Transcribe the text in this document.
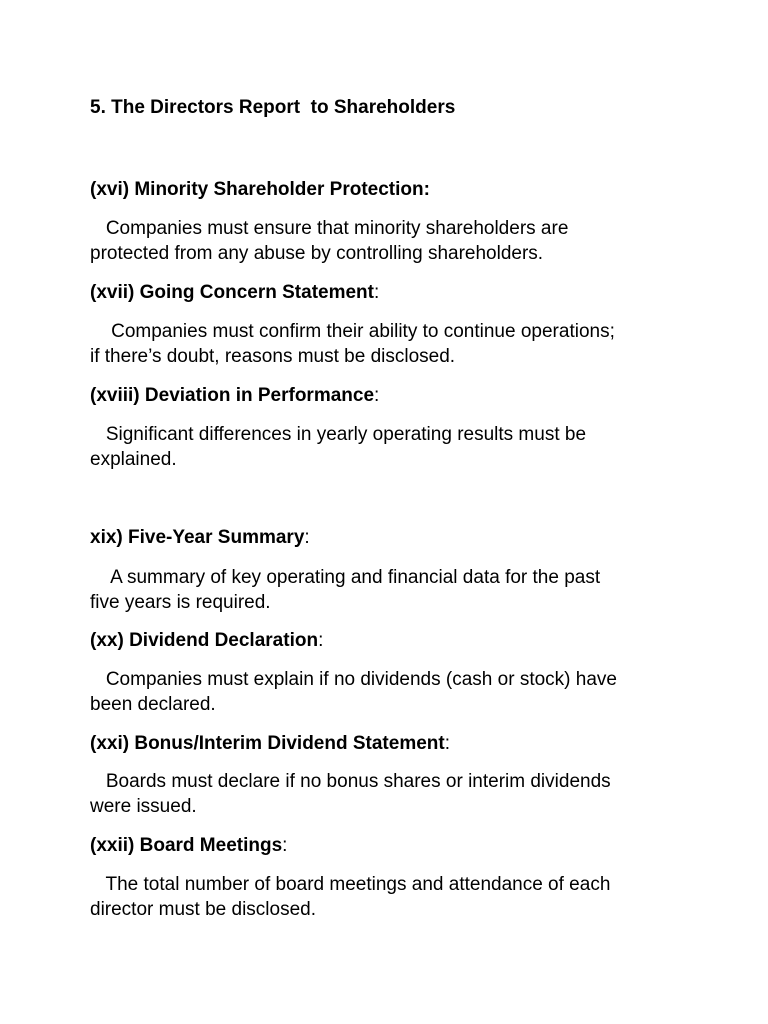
5. The Directors Report  to Shareholders
(xvi) Minority Shareholder Protection:
Companies must ensure that minority shareholders are
protected from any abuse by controlling shareholders.
(xvii) Going Concern Statement:
Companies must confirm their ability to continue operations;
if there’s doubt, reasons must be disclosed.
(xviii) Deviation in Performance:
Significant differences in yearly operating results must be
explained.
xix) Five-Year Summary:
A summary of key operating and financial data for the past
five years is required.
(xx) Dividend Declaration:
Companies must explain if no dividends (cash or stock) have
been declared.
(xxi) Bonus/Interim Dividend Statement:
Boards must declare if no bonus shares or interim dividends
were issued.
(xxii) Board Meetings:
The total number of board meetings and attendance of each
director must be disclosed.
